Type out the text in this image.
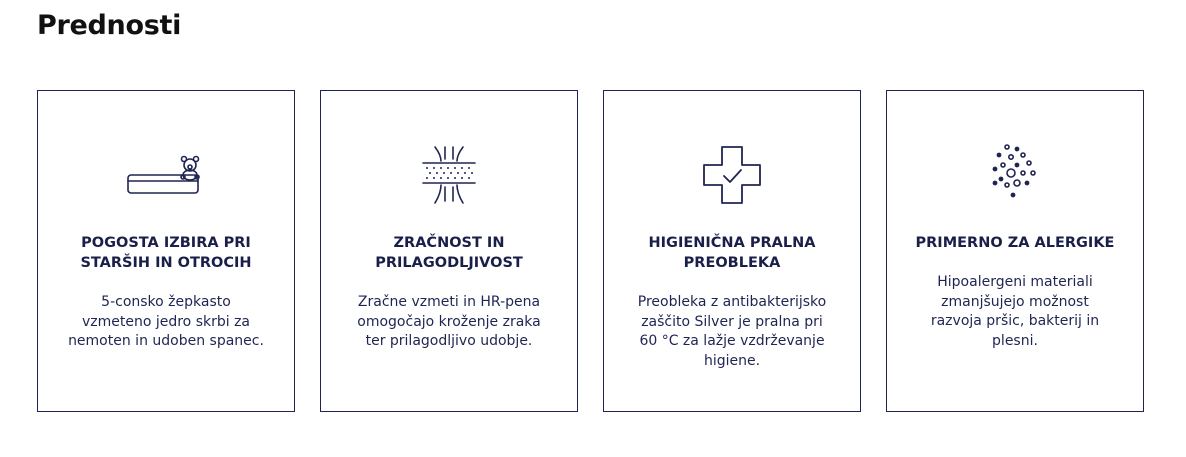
Prednosti
POGOSTA IZBIRA PRI STARŠIH IN OTROCIH
5-consko žepkasto vzmeteno jedro skrbi za nemoten in udoben spanec.
ZRAČNOST IN PRILAGODLJIVOST
Zračne vzmeti in HR-pena omogočajo kroženje zraka ter prilagodljivo udobje.
HIGIENIČNA PRALNA PREOBLEKA
Preobleka z antibakterijsko zaščito Silver je pralna pri 60 °C za lažje vzdrževanje higiene.
PRIMERNO ZA ALERGIKE
Hipoalergeni materiali zmanjšujejo možnost razvoja pršic, bakterij in plesni.
